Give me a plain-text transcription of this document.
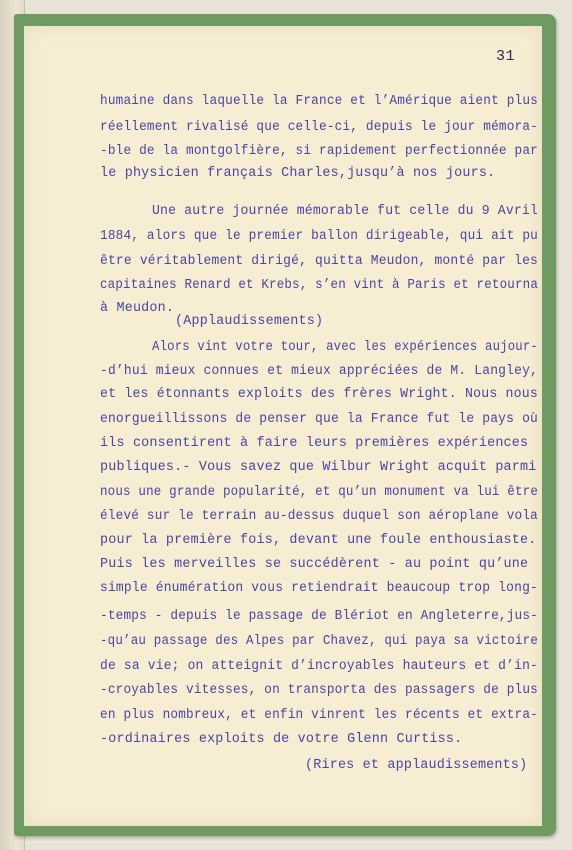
31
humaine dans laquelle la France et l’Amérique aient plus
réellement rivalisé que celle-ci, depuis le jour mémora-
-ble de la montgolfière, si rapidement perfectionnée par
le physicien français Charles,jusqu’à nos jours.
Une autre journée mémorable fut celle du 9 Avril
1884, alors que le premier ballon dirigeable, qui ait pu
être véritablement dirigé, quitta Meudon, monté par les
capitaines Renard et Krebs, s’en vint à Paris et retourna
à Meudon.
(Applaudissements)
Alors vint votre tour, avec les expériences aujour-
-d’hui mieux connues et mieux appréciées de M. Langley,
et les étonnants exploits des frères Wright. Nous nous
enorgueillissons de penser que la France fut le pays où
ils consentirent à faire leurs premières expériences
publiques.- Vous savez que Wilbur Wright acquit parmi
nous une grande popularité, et qu’un monument va lui être
élevé sur le terrain au-dessus duquel son aéroplane vola
pour la première fois, devant une foule enthousiaste.
Puis les merveilles se succédèrent - au point qu’une
simple énumération vous retiendrait beaucoup trop long-
-temps - depuis le passage de Blériot en Angleterre,jus-
-qu’au passage des Alpes par Chavez, qui paya sa victoire
de sa vie; on atteignit d’incroyables hauteurs et d’in-
-croyables vitesses, on transporta des passagers de plus
en plus nombreux, et enfin vinrent les récents et extra-
-ordinaires exploits de votre Glenn Curtiss.
(Rires et applaudissements)
